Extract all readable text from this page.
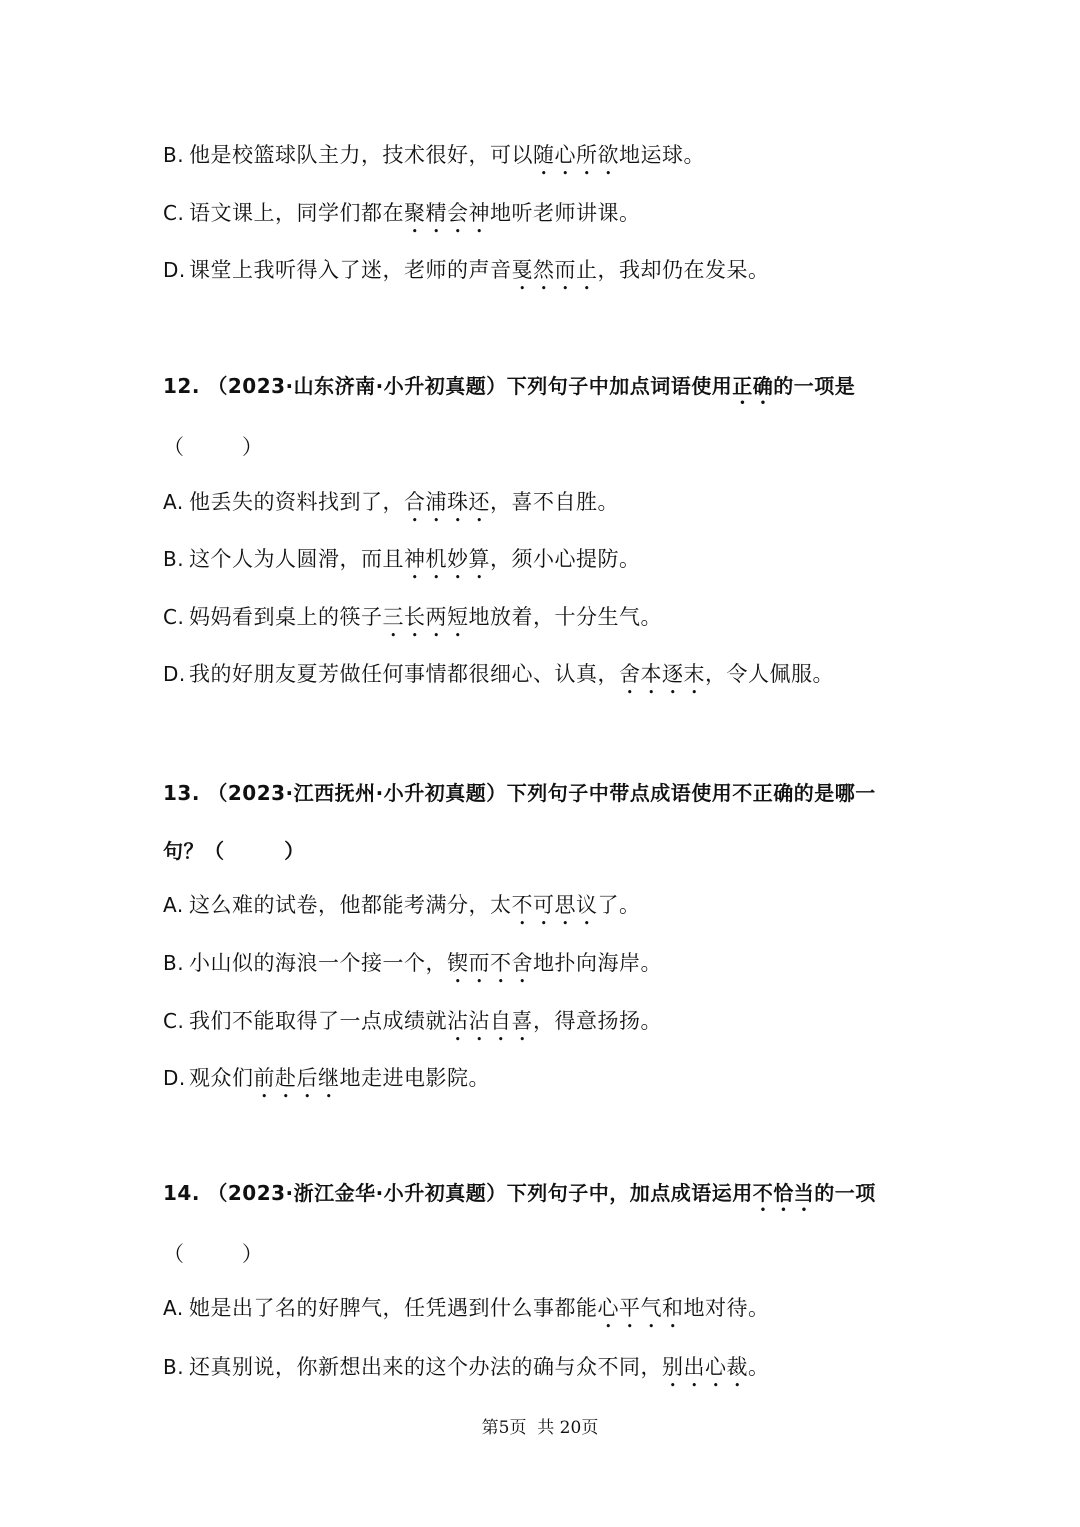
B. 他是校篮球队主力，技术很好，可以随心所欲地运球。
C. 语文课上，同学们都在聚精会神地听老师讲课。
D. 课堂上我听得入了迷，老师的声音戛然而止，我却仍在发呆。
12. （2023·山东济南·小升初真题）下列句子中加点词语使用正确的一项是
（        ）
A. 他丢失的资料找到了，合浦珠还，喜不自胜。
B. 这个人为人圆滑，而且神机妙算，须小心提防。
C. 妈妈看到桌上的筷子三长两短地放着，十分生气。
D. 我的好朋友夏芳做任何事情都很细心、认真，舍本逐末，令人佩服。
13. （2023·江西抚州·小升初真题）下列句子中带点成语使用不正确的是哪一
句？（        ）
A. 这么难的试卷，他都能考满分，太不可思议了。
B. 小山似的海浪一个接一个，锲而不舍地扑向海岸。
C. 我们不能取得了一点成绩就沾沾自喜，得意扬扬。
D. 观众们前赴后继地走进电影院。
14. （2023·浙江金华·小升初真题）下列句子中，加点成语运用不恰当的一项
（        ）
A. 她是出了名的好脾气，任凭遇到什么事都能心平气和地对待。
B. 还真别说，你新想出来的这个办法的确与众不同，别出心裁。
第5页  共 20页
